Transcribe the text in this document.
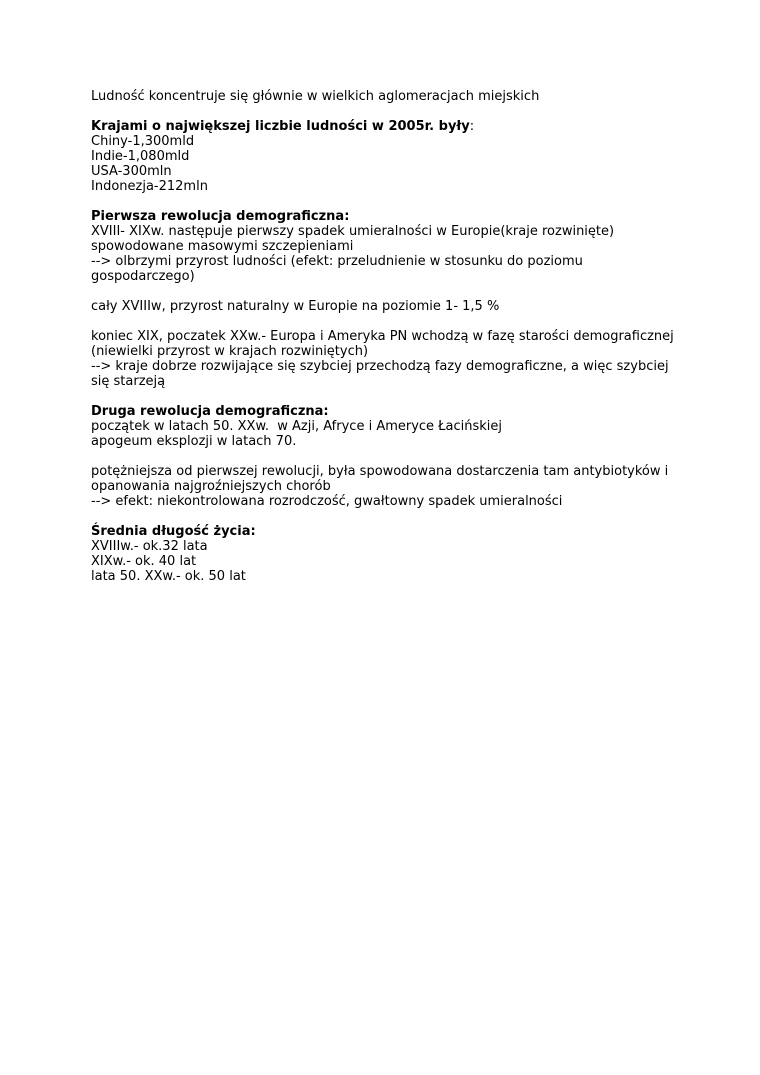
Ludność koncentruje się głównie w wielkich aglomeracjach miejskich

Krajami o największej liczbie ludności w 2005r. były:

Chiny-1,300mld

Indie-1,080mld

USA-300mln

Indonezja-212mln

Pierwsza rewolucja demograficzna:

XVIII- XIXw. następuje pierwszy spadek umieralności w Europie(kraje rozwinięte)

spowodowane masowymi szczepieniami

--> olbrzymi przyrost ludności (efekt: przeludnienie w stosunku do poziomu

gospodarczego)

cały XVIIIw, przyrost naturalny w Europie na poziomie 1- 1,5 %

koniec XIX, poczatek XXw.- Europa i Ameryka PN wchodzą w fazę starości demograficznej

(niewielki przyrost w krajach rozwiniętych)

--> kraje dobrze rozwijające się szybciej przechodzą fazy demograficzne, a więc szybciej

się starzeją

Druga rewolucja demograficzna:

początek w latach 50. XXw.  w Azji, Afryce i Ameryce Łacińskiej

apogeum eksplozji w latach 70.

potężniejsza od pierwszej rewolucji, była spowodowana dostarczenia tam antybiotyków i

opanowania najgroźniejszych chorób

--> efekt: niekontrolowana rozrodczość, gwałtowny spadek umieralności

Średnia długość życia:

XVIIIw.- ok.32 lata

XIXw.- ok. 40 lat

lata 50. XXw.- ok. 50 lat
